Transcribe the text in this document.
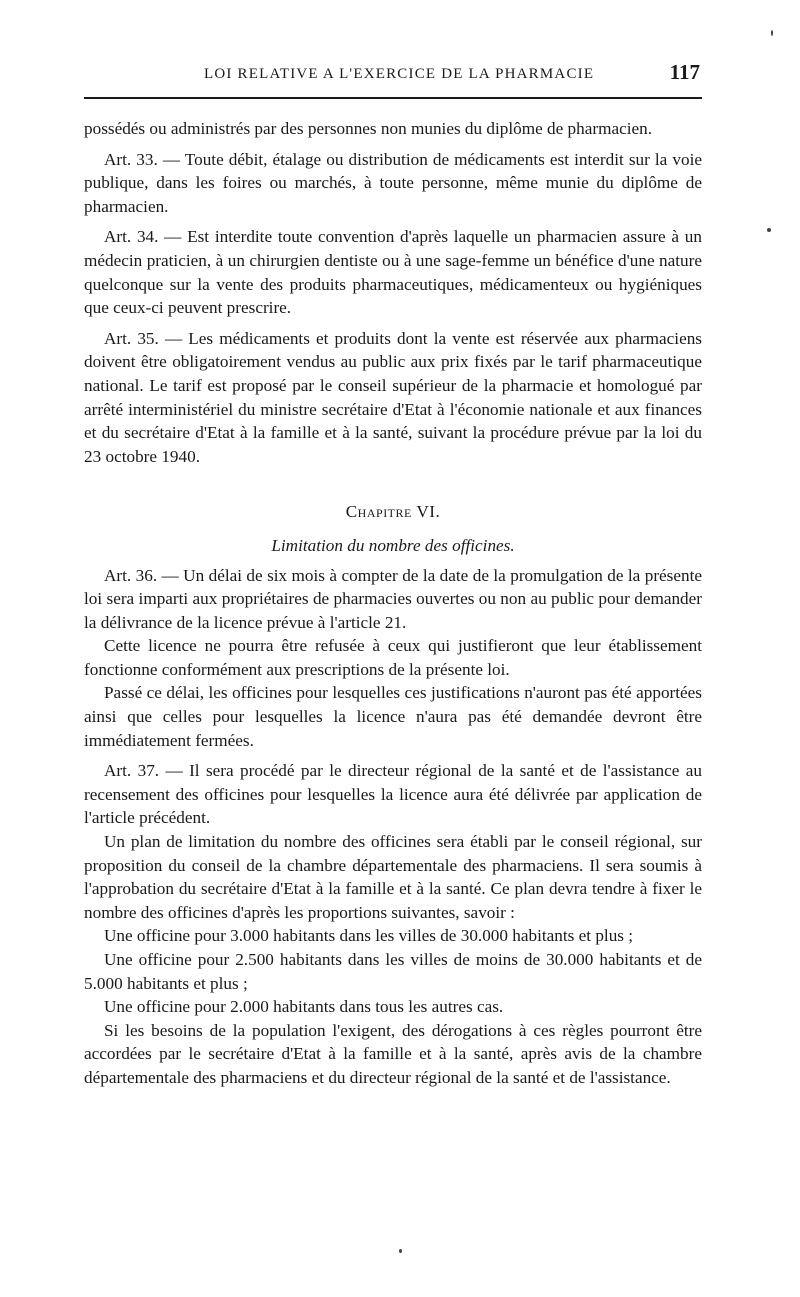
LOI RELATIVE A L'EXERCICE DE LA PHARMACIE	117

possédés ou administrés par des personnes non munies du diplôme de pharmacien.

Art. 33. — Toute débit, étalage ou distribution de médicaments est interdit sur la voie publique, dans les foires ou marchés, à toute personne, même munie du diplôme de pharmacien.

Art. 34. — Est interdite toute convention d'après laquelle un pharmacien assure à un médecin praticien, à un chirurgien dentiste ou à une sage-femme un bénéfice d'une nature quelconque sur la vente des produits pharmaceutiques, médicamenteux ou hygiéniques que ceux-ci peuvent prescrire.

Art. 35. — Les médicaments et produits dont la vente est réservée aux pharmaciens doivent être obligatoirement vendus au public aux prix fixés par le tarif pharmaceutique national. Le tarif est proposé par le conseil supérieur de la pharmacie et homologué par arrêté interministériel du ministre secrétaire d'Etat à l'économie nationale et aux finances et du secrétaire d'Etat à la famille et à la santé, suivant la procédure prévue par la loi du 23 octobre 1940.

Chapitre VI.

Limitation du nombre des officines.

Art. 36. — Un délai de six mois à compter de la date de la promulgation de la présente loi sera imparti aux propriétaires de pharmacies ouvertes ou non au public pour demander la délivrance de la licence prévue à l'article 21.

Cette licence ne pourra être refusée à ceux qui justifieront que leur établissement fonctionne conformément aux prescriptions de la présente loi.

Passé ce délai, les officines pour lesquelles ces justifications n'auront pas été apportées ainsi que celles pour lesquelles la licence n'aura pas été demandée devront être immédiatement fermées.

Art. 37. — Il sera procédé par le directeur régional de la santé et de l'assistance au recensement des officines pour lesquelles la licence aura été délivrée par application de l'article précédent.

Un plan de limitation du nombre des officines sera établi par le conseil régional, sur proposition du conseil de la chambre départementale des pharmaciens. Il sera soumis à l'approbation du secrétaire d'Etat à la famille et à la santé. Ce plan devra tendre à fixer le nombre des officines d'après les proportions suivantes, savoir :

Une officine pour 3.000 habitants dans les villes de 30.000 habitants et plus ;

Une officine pour 2.500 habitants dans les villes de moins de 30.000 habitants et de 5.000 habitants et plus ;

Une officine pour 2.000 habitants dans tous les autres cas.

Si les besoins de la population l'exigent, des dérogations à ces règles pourront être accordées par le secrétaire d'Etat à la famille et à la santé, après avis de la chambre départementale des pharmaciens et du directeur régional de la santé et de l'assistance.
